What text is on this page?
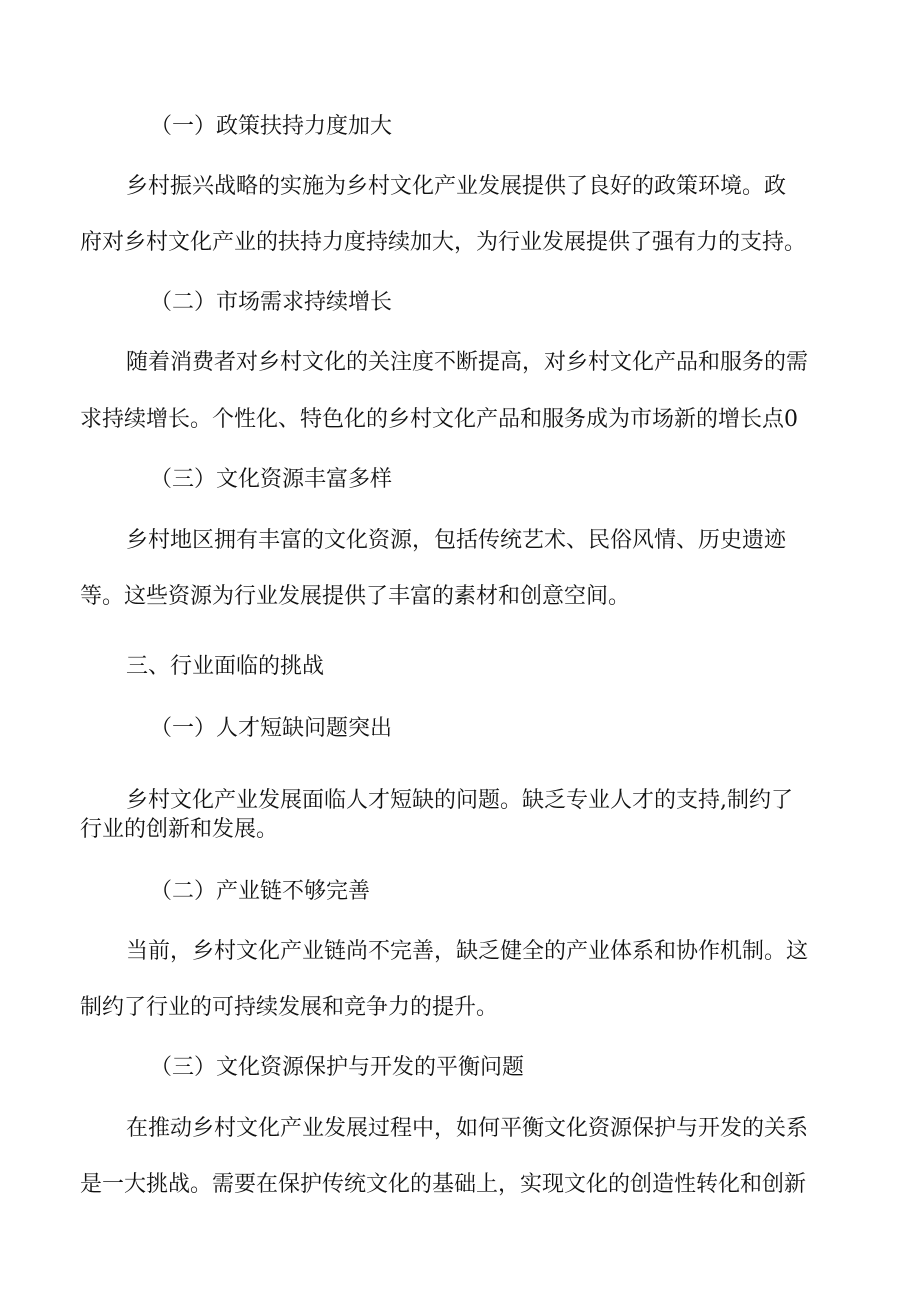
（一）政策扶持力度加大

乡村振兴战略的实施为乡村文化产业发展提供了良好的政策环境。政

府对乡村文化产业的扶持力度持续加大，为行业发展提供了强有力的支持。

（二）市场需求持续增长

随着消费者对乡村文化的关注度不断提高，对乡村文化产品和服务的需

求持续增长。个性化、特色化的乡村文化产品和服务成为市场新的增长点0

（三）文化资源丰富多样

乡村地区拥有丰富的文化资源，包括传统艺术、民俗风情、历史遗迹

等。这些资源为行业发展提供了丰富的素材和创意空间。

三、行业面临的挑战

（一）人才短缺问题突出

乡村文化产业发展面临人才短缺的问题。缺乏专业人才的支持,制约了

行业的创新和发展。

（二）产业链不够完善

当前，乡村文化产业链尚不完善，缺乏健全的产业体系和协作机制。这

制约了行业的可持续发展和竞争力的提升。

（三）文化资源保护与开发的平衡问题

在推动乡村文化产业发展过程中，如何平衡文化资源保护与开发的关系

是一大挑战。需要在保护传统文化的基础上，实现文化的创造性转化和创新
